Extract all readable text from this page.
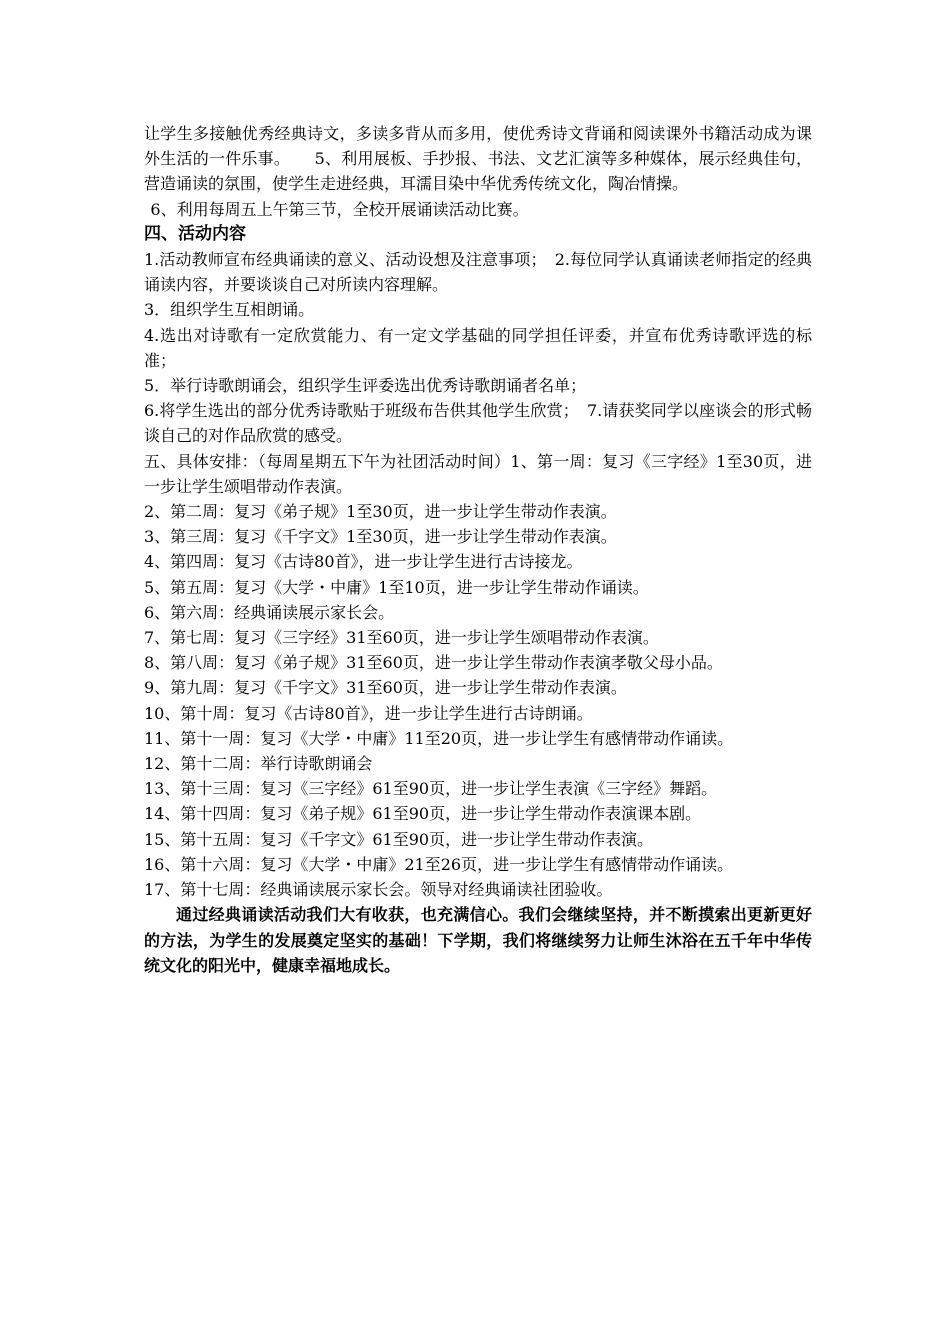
让学生多接触优秀经典诗文，多读多背从而多用，使优秀诗文背诵和阅读课外书籍活动成为课外生活的一件乐事。　　5、利用展板、手抄报、书法、文艺汇演等多种媒体，展示经典佳句，营造诵读的氛围，使学生走进经典，耳濡目染中华优秀传统文化，陶冶情操。

6、利用每周五上午第三节，全校开展诵读活动比赛。

四、活动内容

1.活动教师宣布经典诵读的意义、活动设想及注意事项；　2.每位同学认真诵读老师指定的经典诵读内容，并要谈谈自己对所读内容理解。

3．组织学生互相朗诵。

4.选出对诗歌有一定欣赏能力、有一定文学基础的同学担任评委，并宣布优秀诗歌评选的标准；

5．举行诗歌朗诵会，组织学生评委选出优秀诗歌朗诵者名单；

6.将学生选出的部分优秀诗歌贴于班级布告供其他学生欣赏；　7.请获奖同学以座谈会的形式畅谈自己的对作品欣赏的感受。

五、具体安排：（每周星期五下午为社团活动时间）1、第一周：复习《三字经》1至30页，进一步让学生颂唱带动作表演。

2、第二周：复习《弟子规》1至30页，进一步让学生带动作表演。

3、第三周：复习《千字文》1至30页，进一步让学生带动作表演。

4、第四周：复习《古诗80首》，进一步让学生进行古诗接龙。

5、第五周：复习《大学・中庸》1至10页，进一步让学生带动作诵读。

6、第六周：经典诵读展示家长会。

7、第七周：复习《三字经》31至60页，进一步让学生颂唱带动作表演。

8、第八周：复习《弟子规》31至60页，进一步让学生带动作表演孝敬父母小品。

9、第九周：复习《千字文》31至60页，进一步让学生带动作表演。

10、第十周：复习《古诗80首》，进一步让学生进行古诗朗诵。

11、第十一周：复习《大学・中庸》11至20页，进一步让学生有感情带动作诵读。

12、第十二周：举行诗歌朗诵会

13、第十三周：复习《三字经》61至90页，进一步让学生表演《三字经》舞蹈。

14、第十四周：复习《弟子规》61至90页，进一步让学生带动作表演课本剧。

15、第十五周：复习《千字文》61至90页，进一步让学生带动作表演。

16、第十六周：复习《大学・中庸》21至26页，进一步让学生有感情带动作诵读。

17、第十七周：经典诵读展示家长会。领导对经典诵读社团验收。

通过经典诵读活动我们大有收获，也充满信心。我们会继续坚持，并不断摸索出更新更好的方法，为学生的发展奠定坚实的基础！下学期，我们将继续努力让师生沐浴在五千年中华传统文化的阳光中，健康幸福地成长。
